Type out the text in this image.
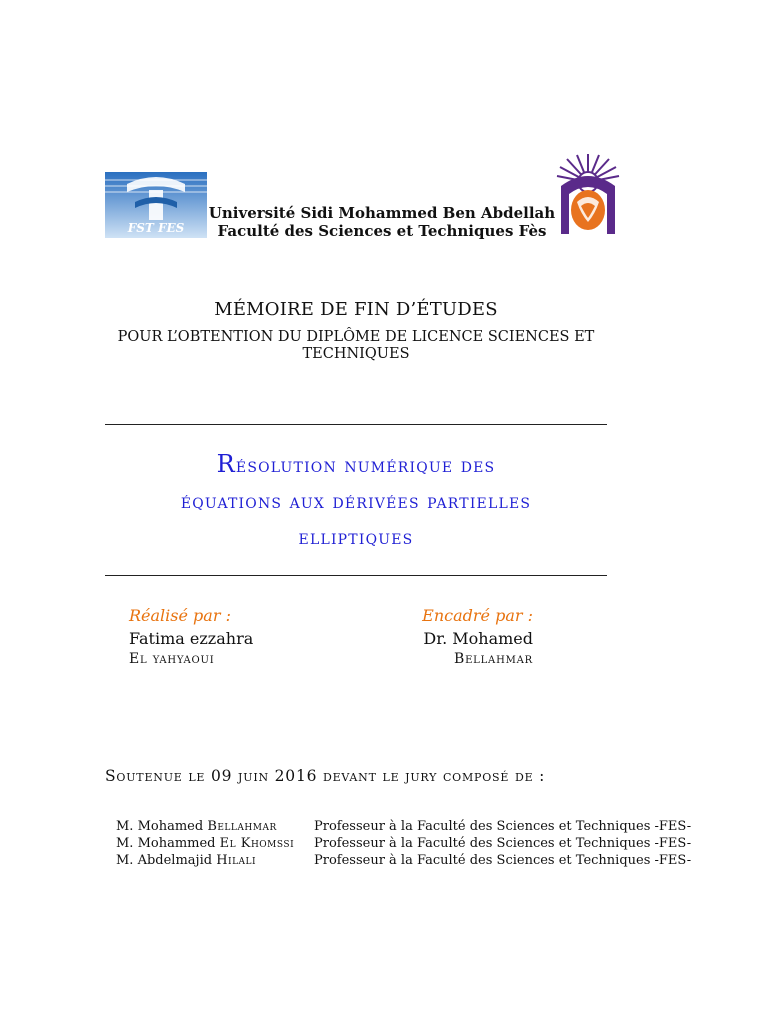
FST FES
Université Sidi Mohammed Ben Abdellah
Faculté des Sciences et Techniques Fès
MÉMOIRE DE FIN D’ÉTUDES
POUR L’OBTENTION DU DIPLÔME DE LICENCE SCIENCES ET TECHNIQUES
Résolution numérique des
équations aux dérivées partielles
elliptiques
Réalisé par :
Fatima ezzahra
El yahyaoui
Encadré par :
Dr. Mohamed
Bellahmar
Soutenue le 09 juin 2016 devant le jury composé de :
M. Mohamed Bellahmar	Professeur à la Faculté des Sciences et Techniques -FES-
M. Mohammed El Khomssi Professeur à la Faculté des Sciences et Techniques -FES-
M. Abdelmajid Hilali	Professeur à la Faculté des Sciences et Techniques -FES-
